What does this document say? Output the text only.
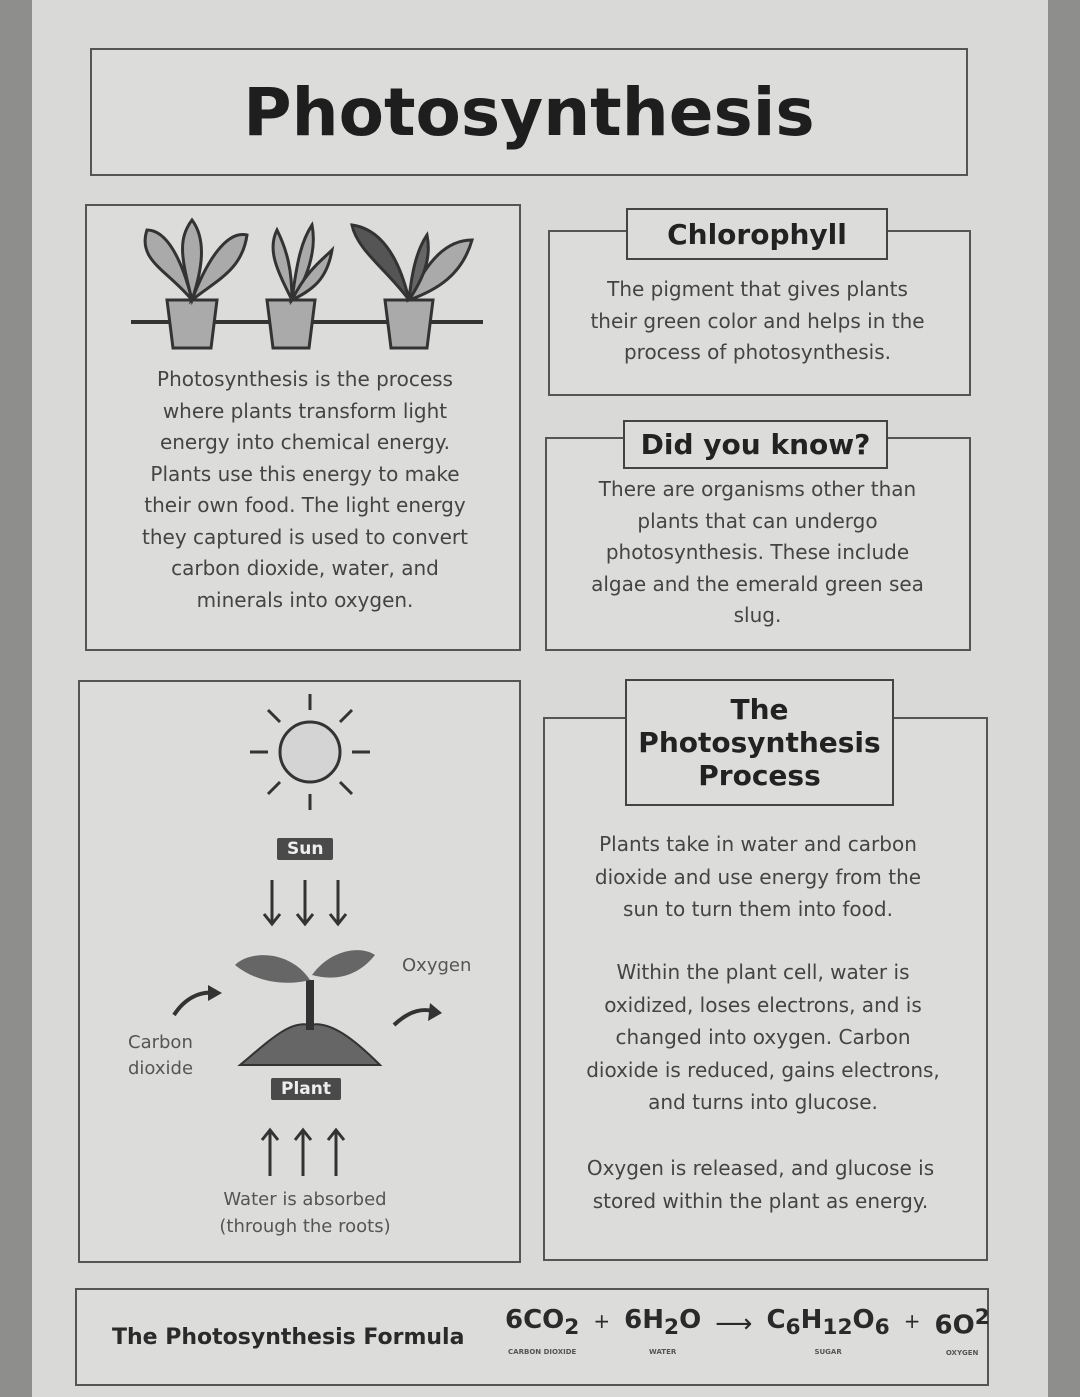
Photosynthesis
Photosynthesis is the process where plants transform light energy into chemical energy. Plants use this energy to make their own food. The light energy they captured is used to convert carbon dioxide, water, and minerals into oxygen.
Chlorophyll
The pigment that gives plants their green color and helps in the process of photosynthesis.
Did you know?
There are organisms other than plants that can undergo photosynthesis. These include algae and the emerald green sea slug.
Sun
Oxygen
Carbon dioxide
Plant
Water is absorbed (through the roots)
The Photosynthesis Process
Plants take in water and carbon dioxide and use energy from the sun to turn them into food.
Within the plant cell, water is oxidized, loses electrons, and is changed into oxygen. Carbon dioxide is reduced, gains electrons, and turns into glucose.
Oxygen is released, and glucose is stored within the plant as energy.
The Photosynthesis Formula
$6CO_2$
CARBON DIOXIDE
+ $6H_2O$
WATER
⟶ $C_6H_{12}O_6$
SUGAR
+ $6O^2$
OXYGEN
